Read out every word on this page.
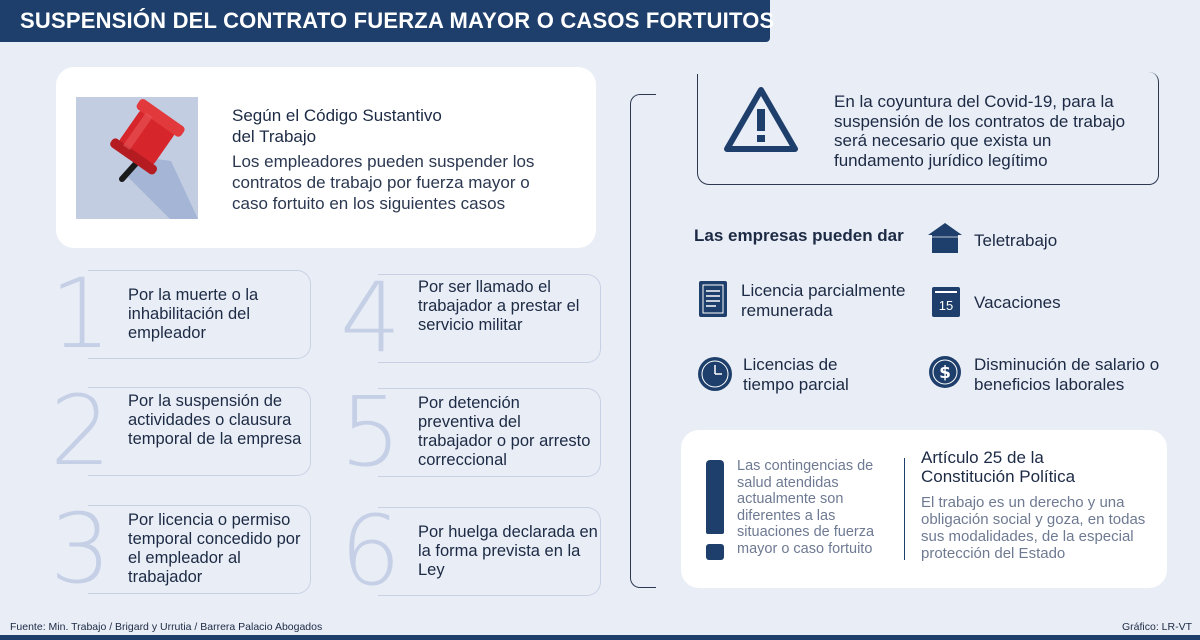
SUSPENSIÓN DEL CONTRATO FUERZA MAYOR O CASOS FORTUITOS
Según el Código Sustantivo del Trabajo
Los empleadores pueden suspender los contratos de trabajo por fuerza mayor o caso fortuito en los siguientes casos
1 Por la muerte o la inhabilitación del empleador
2 Por la suspensión de actividades o clausura temporal de la empresa
3 Por licencia o permiso temporal concedido por el empleador al trabajador
4 Por ser llamado el trabajador a prestar el servicio militar
5 Por detención preventiva del trabajador o por arresto correccional
6 Por huelga declarada en la forma prevista en la Ley
En la coyuntura del Covid-19, para la suspensión de los contratos de trabajo será necesario que exista un fundamento jurídico legítimo
Las empresas pueden dar	Teletrabajo
Licencia parcialmente remunerada	15	Vacaciones
Licencias de tiempo parcial
$ Disminución de salario o beneficios laborales
Las contingencias de salud atendidas actualmente son diferentes a las situaciones de fuerza mayor o caso fortuito
Artículo 25 de la Constitución Política
El trabajo es un derecho y una obligación social y goza, en todas sus modalidades, de la especial protección del Estado
Fuente: Min. Trabajo / Brigard y Urrutia / Barrera Palacio Abogados	Gráfico: LR-VT
